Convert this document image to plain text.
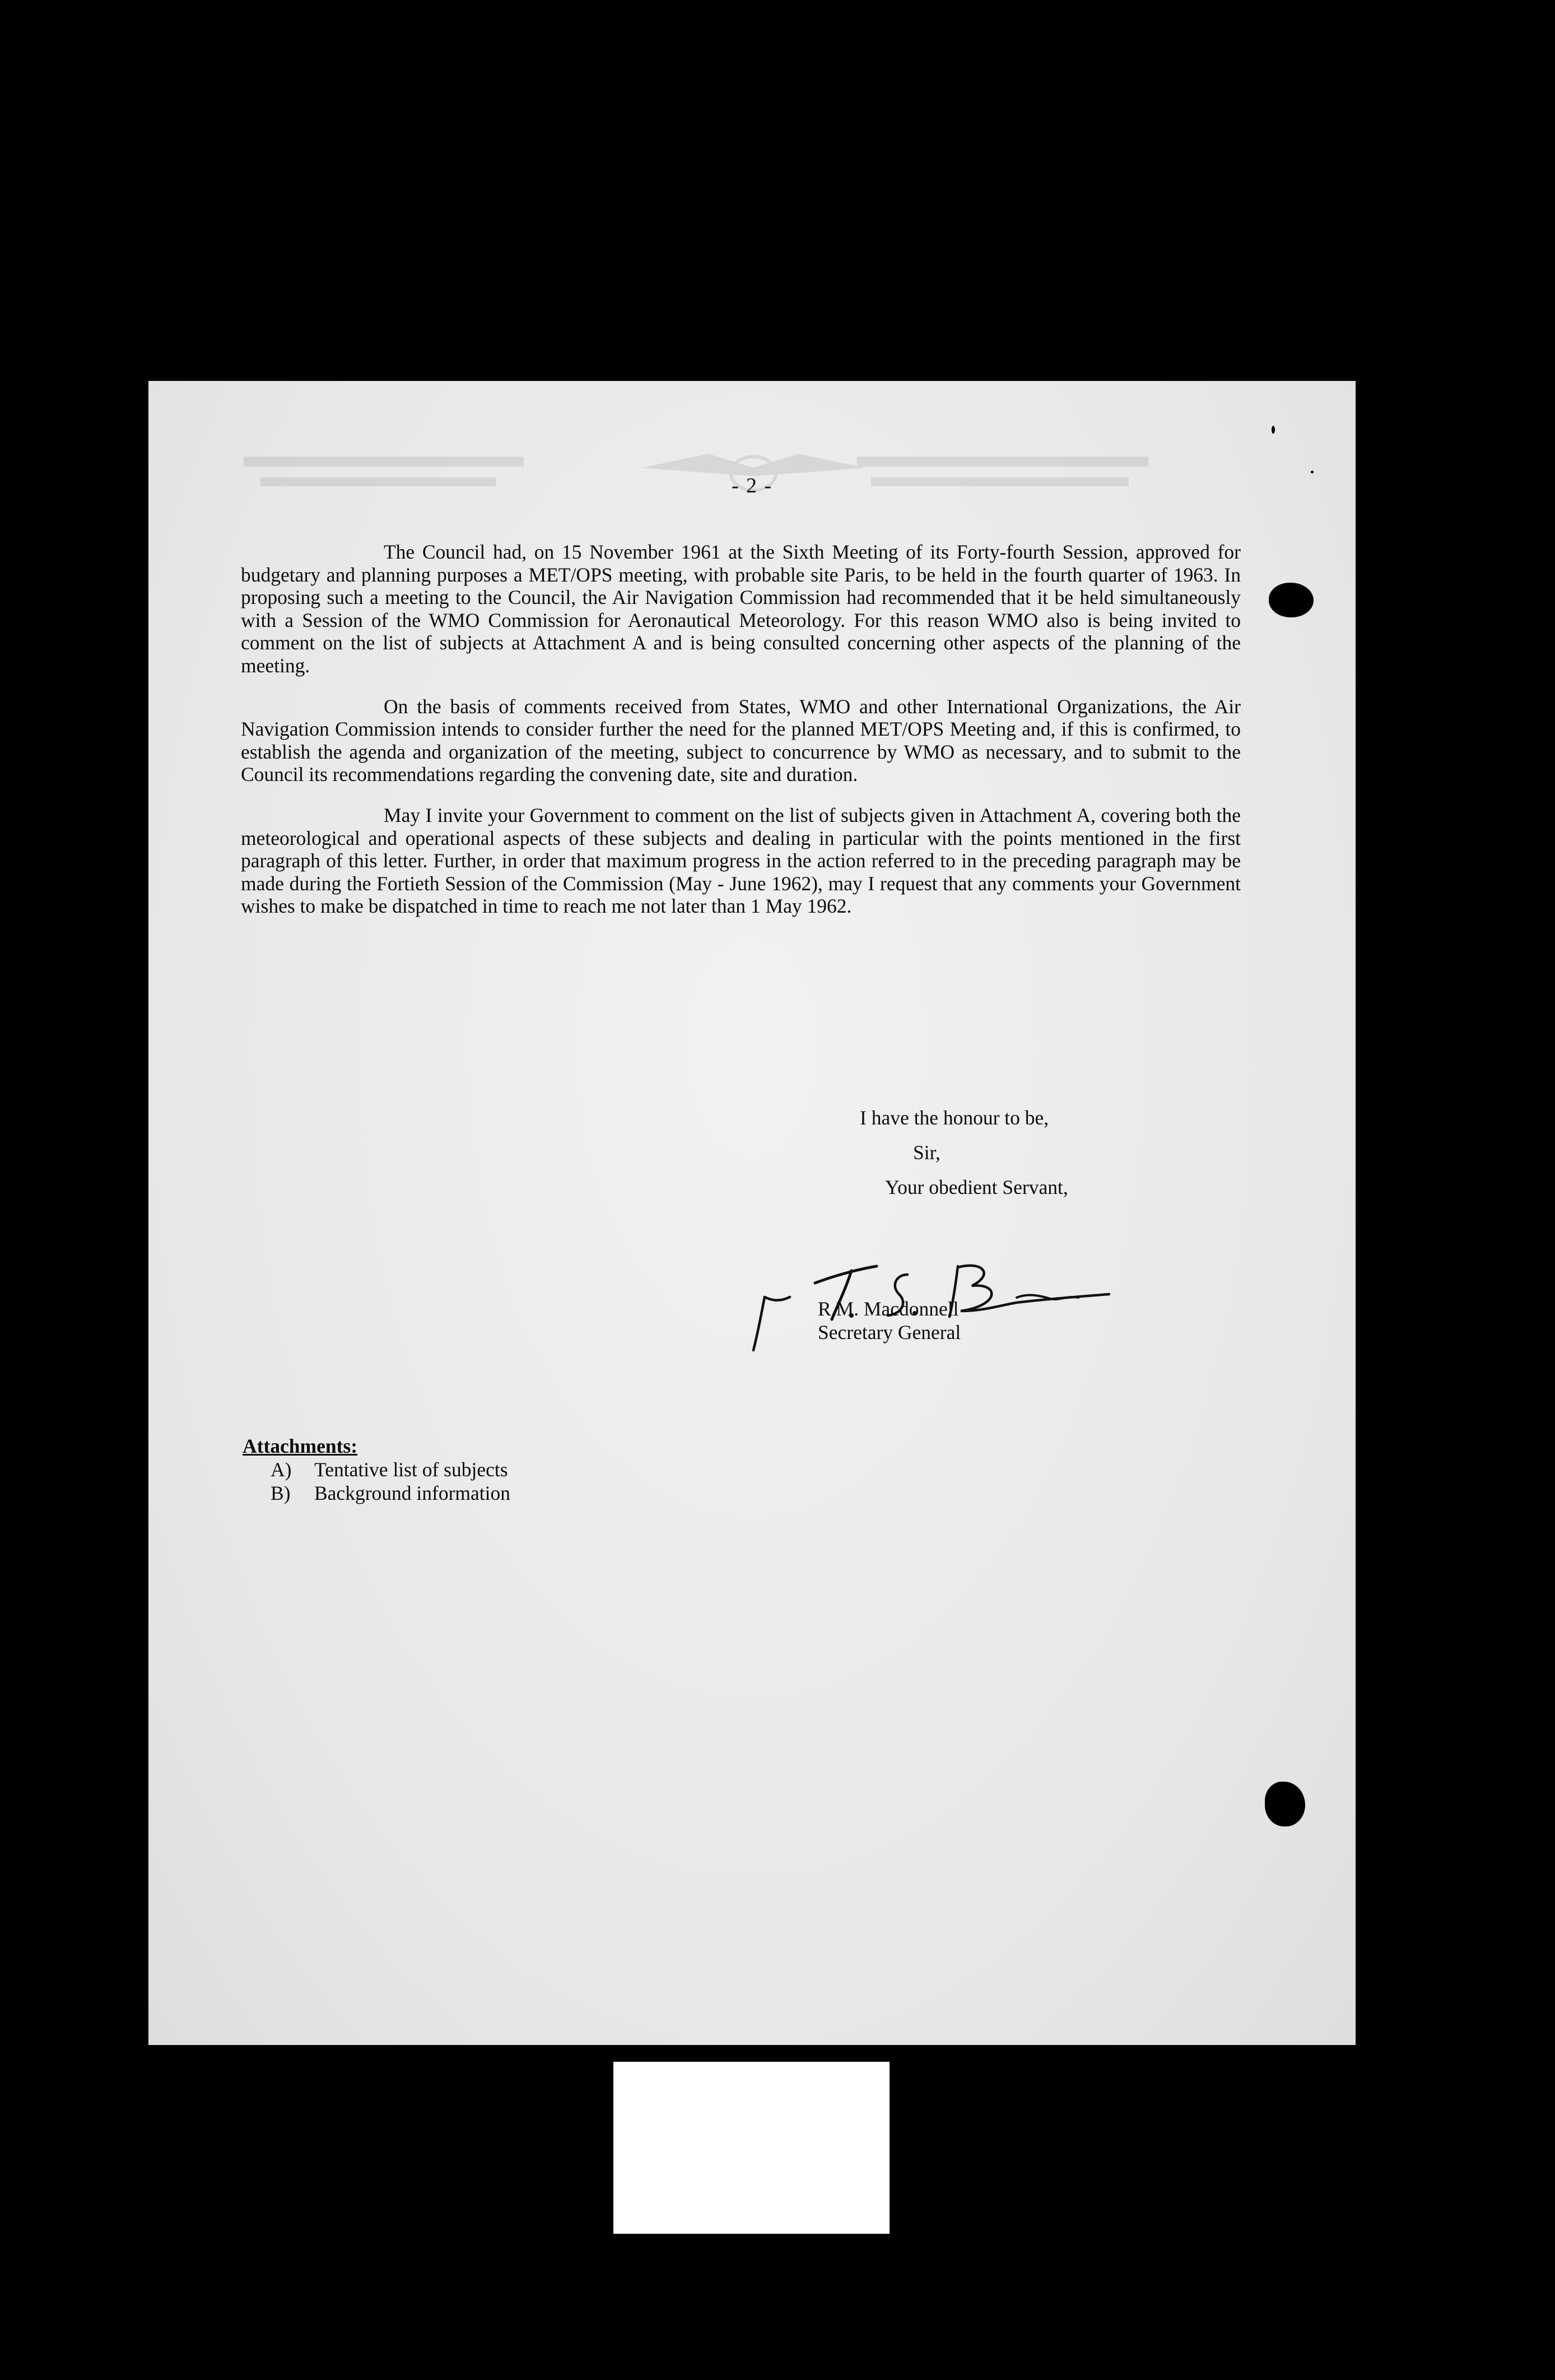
- 2 -

The Council had, on 15 November 1961 at the Sixth Meeting of its Forty-fourth Session, approved for budgetary and planning purposes a MET/OPS meeting, with probable site Paris, to be held in the fourth quarter of 1963. In proposing such a meeting to the Council, the Air Navigation Commission had recommended that it be held simultaneously with a Session of the WMO Commission for Aeronautical Meteorology. For this reason WMO also is being invited to comment on the list of subjects at Attachment A and is being consulted concerning other aspects of the planning of the meeting.

On the basis of comments received from States, WMO and other International Organizations, the Air Navigation Commission intends to consider further the need for the planned MET/OPS Meeting and, if this is confirmed, to establish the agenda and organization of the meeting, subject to concurrence by WMO as necessary, and to submit to the Council its recommendations regarding the convening date, site and duration.

May I invite your Government to comment on the list of subjects given in Attachment A, covering both the meteorological and operational aspects of these subjects and dealing in particular with the points mentioned in the first paragraph of this letter. Further, in order that maximum progress in the action referred to in the preceding paragraph may be made during the Fortieth Session of the Commission (May - June 1962), may I request that any comments your Government wishes to make be dispatched in time to reach me not later than 1 May 1962.

I have the honour to be,
Sir,
Your obedient Servant,
R.M. Macdonnell
Secretary General
Attachments:
A) Tentative list of subjects
B) Background information
